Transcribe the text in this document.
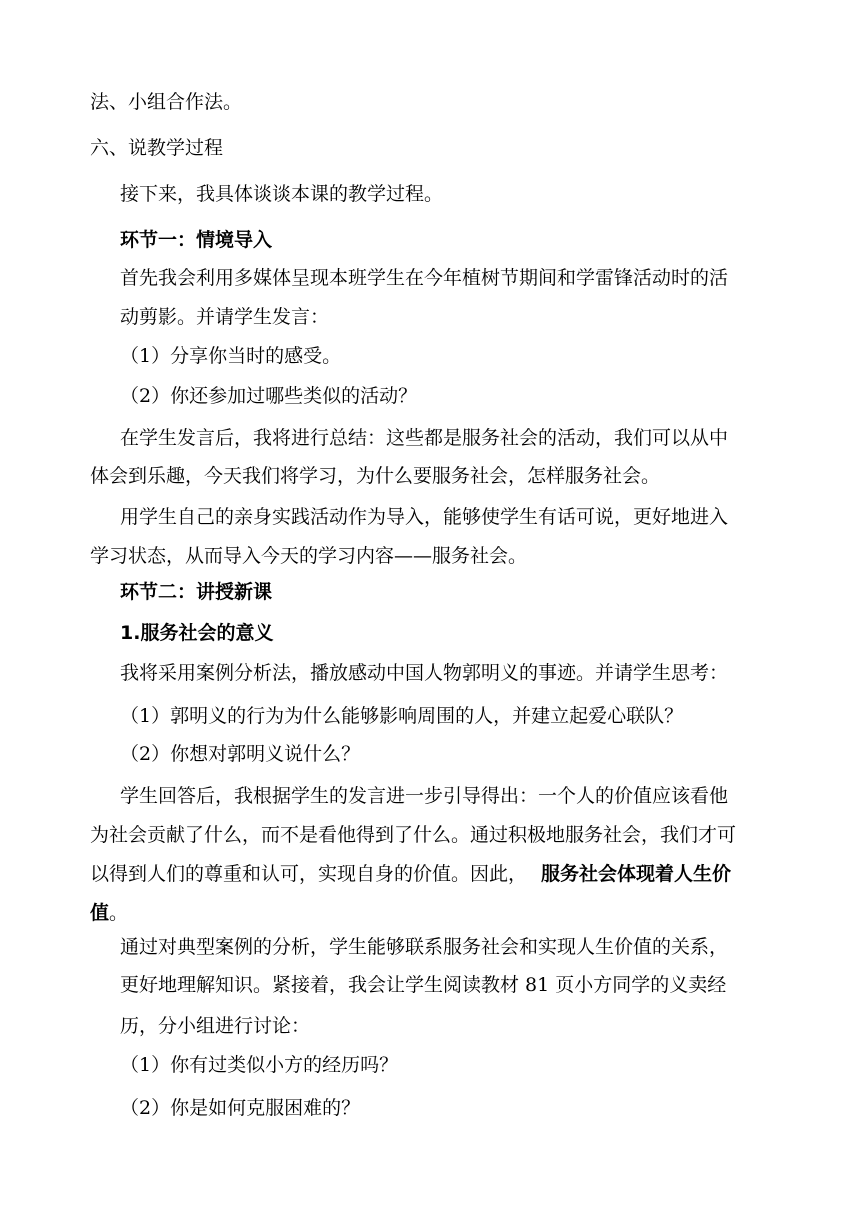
法、小组合作法。
六、说教学过程
接下来，我具体谈谈本课的教学过程。
环节一：情境导入
首先我会利用多媒体呈现本班学生在今年植树节期间和学雷锋活动时的活
动剪影。并请学生发言：
（1）分享你当时的感受。
（2）你还参加过哪些类似的活动？
在学生发言后，我将进行总结：这些都是服务社会的活动，我们可以从中
体会到乐趣，今天我们将学习，为什么要服务社会，怎样服务社会。
用学生自己的亲身实践活动作为导入，能够使学生有话可说，更好地进入
学习状态，从而导入今天的学习内容——服务社会。
环节二：讲授新课
1.服务社会的意义
我将采用案例分析法，播放感动中国人物郭明义的事迹。并请学生思考：
（1）郭明义的行为为什么能够影响周围的人，并建立起爱心联队？
（2）你想对郭明义说什么？
学生回答后，我根据学生的发言进一步引导得出：一个人的价值应该看他
为社会贡献了什么，而不是看他得到了什么。通过积极地服务社会，我们才可
以得到人们的尊重和认可，实现自身的价值。因此， 服务社会体现着人生价
值。
通过对典型案例的分析，学生能够联系服务社会和实现人生价值的关系，
更好地理解知识。紧接着，我会让学生阅读教材 81 页小方同学的义卖经
历，分小组进行讨论：
（1）你有过类似小方的经历吗？
（2）你是如何克服困难的？
